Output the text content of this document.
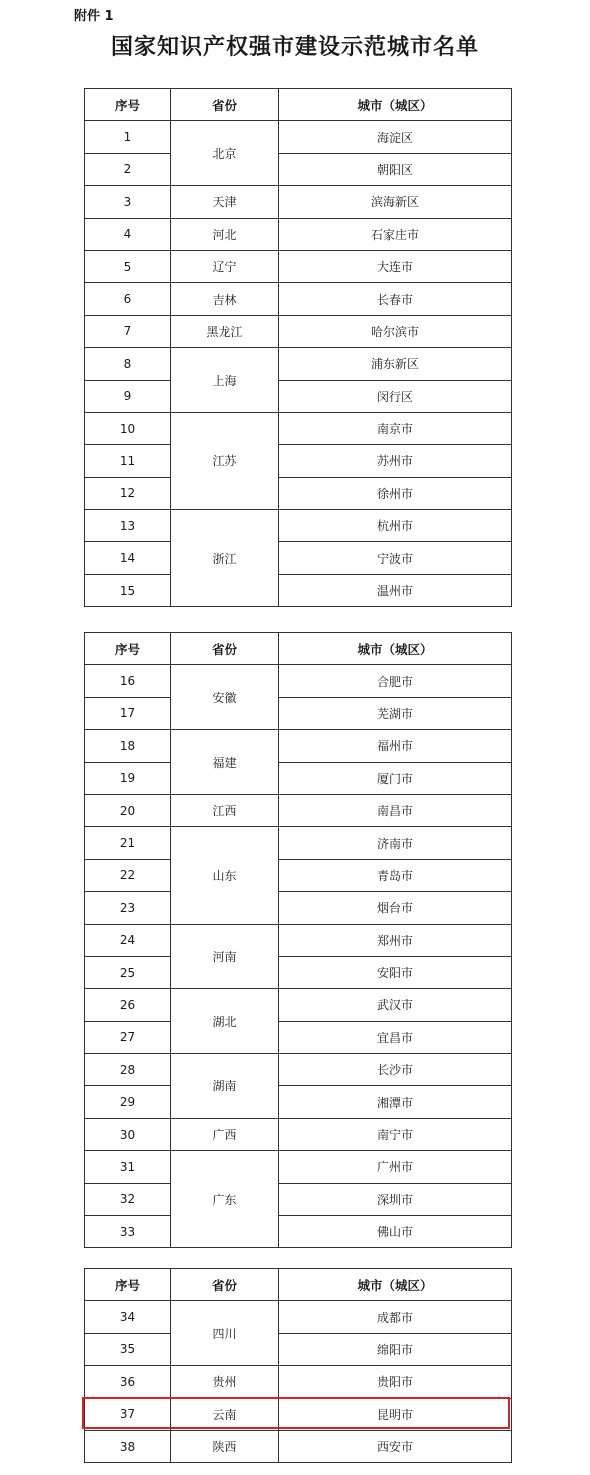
附件 1
国家知识产权强市建设示范城市名单
序号	省份	城市（城区）
1	北京	海淀区
2		朝阳区
3	天津	滨海新区
4	河北	石家庄市
5	辽宁	大连市
6	吉林	长春市
7	黑龙江	哈尔滨市
8	上海	浦东新区
9		闵行区
10	江苏	南京市
11		苏州市
12		徐州市
13	浙江	杭州市
14		宁波市
15		温州市
序号	省份	城市（城区）
16	安徽	合肥市
17		芜湖市
18	福建	福州市
19		厦门市
20	江西	南昌市
21	山东	济南市
22		青岛市
23		烟台市
24	河南	郑州市
25		安阳市
26	湖北	武汉市
27		宜昌市
28	湖南	长沙市
29		湘潭市
30	广西	南宁市
31	广东	广州市
32		深圳市
33		佛山市
序号	省份	城市（城区）
34	四川	成都市
35		绵阳市
36	贵州	贵阳市
37	云南	昆明市
38	陕西	西安市
